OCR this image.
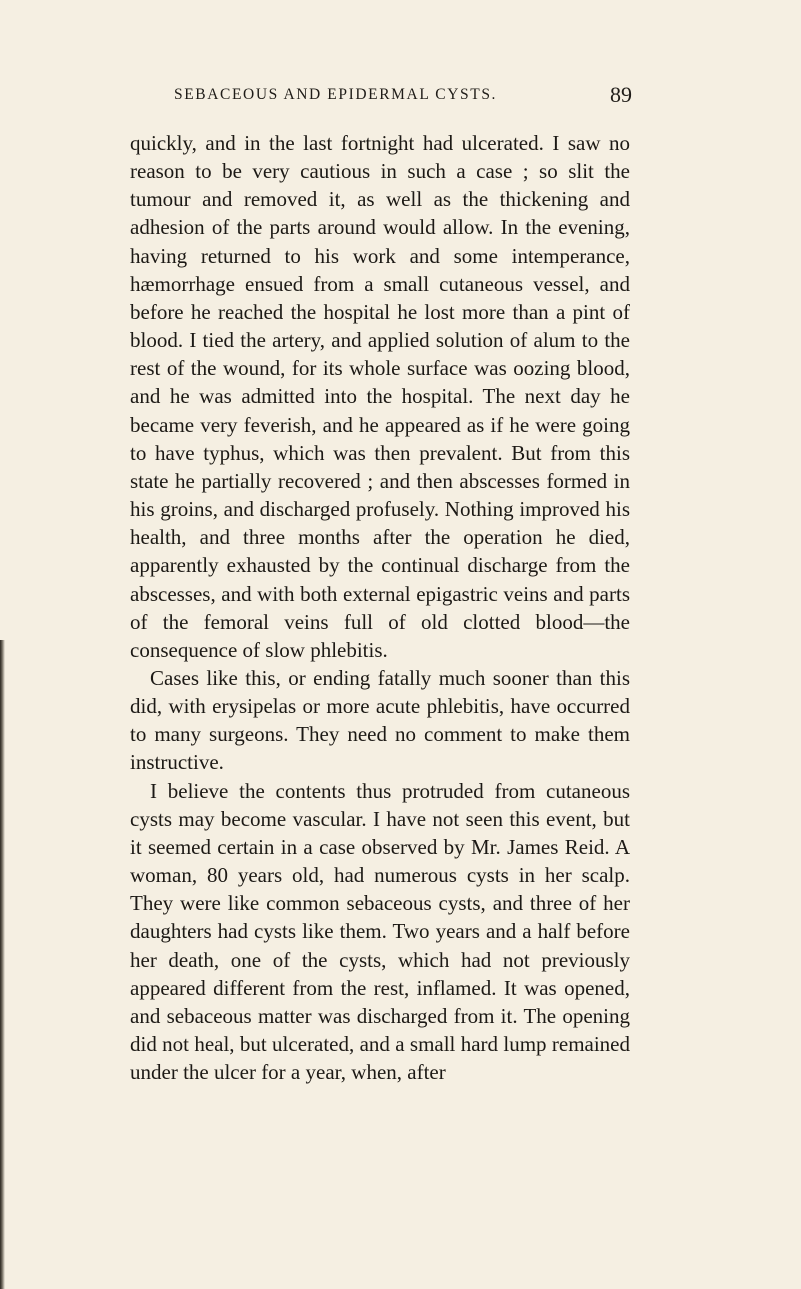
SEBACEOUS AND EPIDERMAL CYSTS.	89

quickly, and in the last fortnight had ulcerated. I saw no reason to be very cautious in such a case ; so slit the tumour and removed it, as well as the thickening and adhesion of the parts around would allow. In the evening, having returned to his work and some intemperance, hæmorrhage ensued from a small cutaneous vessel, and before he reached the hospital he lost more than a pint of blood. I tied the artery, and applied solution of alum to the rest of the wound, for its whole surface was oozing blood, and he was admitted into the hospital. The next day he became very feverish, and he appeared as if he were going to have typhus, which was then prevalent. But from this state he partially recovered ; and then abscesses formed in his groins, and discharged profusely. Nothing improved his health, and three months after the operation he died, apparently exhausted by the continual discharge from the abscesses, and with both external epigastric veins and parts of the femoral veins full of old clotted blood—the consequence of slow phlebitis.

Cases like this, or ending fatally much sooner than this did, with erysipelas or more acute phlebitis, have occurred to many surgeons. They need no comment to make them instructive.

I believe the contents thus protruded from cutaneous cysts may become vascular. I have not seen this event, but it seemed certain in a case observed by Mr. James Reid. A woman, 80 years old, had numerous cysts in her scalp. They were like common sebaceous cysts, and three of her daughters had cysts like them. Two years and a half before her death, one of the cysts, which had not previously appeared different from the rest, inflamed. It was opened, and sebaceous matter was discharged from it. The opening did not heal, but ulcerated, and a small hard lump remained under the ulcer for a year, when, after
